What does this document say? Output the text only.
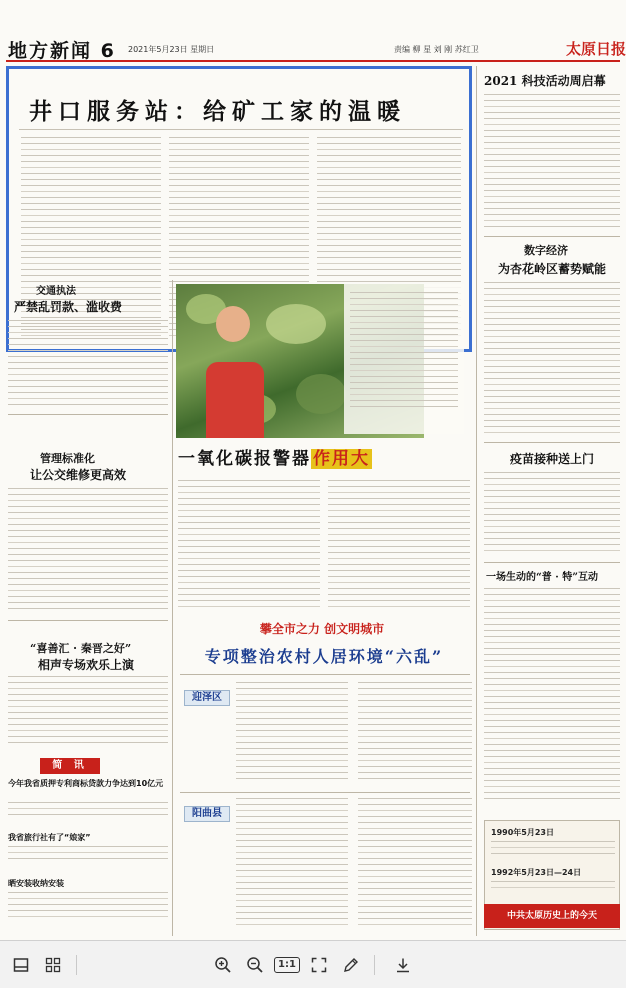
地方新闻 6 2021年5月23日 星期日	责编 柳 星 刘 刚 苏红卫	太原日报
井口服务站：给矿工家的温暖
2021 科技活动周启幕
数字经济
为杏花岭区蓄势赋能
疫苗接种送上门
一场生动的“普 · 特”互动
1990年5月23日
1992年5月23日—24日
中共太原历史上的今天
交通执法
严禁乱罚款、滥收费
管理标准化
让公交维修更高效
“喜善汇 · 秦晋之好”
相声专场欢乐上演
简 讯
今年我省质押专利商标贷款力争达到10亿元
我省旅行社有了“娘家”
晒安装收纳安装
一氧化碳报警器 作用大
攀全市之力 创文明城市
专项整治农村人居环境“六乱”
迎泽区
阳曲县
1:1
